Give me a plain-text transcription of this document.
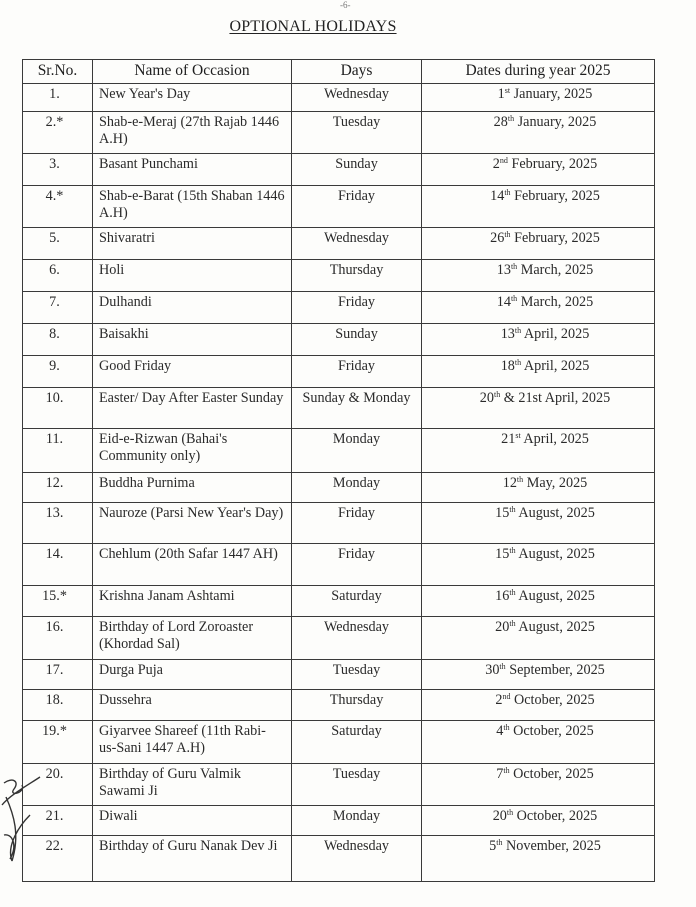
-6-
OPTIONAL HOLIDAYS
Sr.No.	Name of Occasion	Days	Dates during year 2025
1.	New Year's Day	Wednesday	1st January, 2025
2.*	Shab-e-Meraj (27th Rajab 1446 A.H)	Tuesday	28th January, 2025
3.	Basant Punchami	Sunday	2nd February, 2025
4.*	Shab-e-Barat (15th Shaban 1446 A.H)	Friday	14th February, 2025
5.	Shivaratri	Wednesday	26th February, 2025
6.	Holi	Thursday	13th March, 2025
7.	Dulhandi	Friday	14th March, 2025
8.	Baisakhi	Sunday	13th April, 2025
9.	Good Friday	Friday	18th April, 2025
10.	Easter/ Day After Easter Sunday	Sunday & Monday	20th & 21st April, 2025
11.	Eid-e-Rizwan (Bahai's Community only)	Monday	21st April, 2025
12.	Buddha Purnima	Monday	12th May, 2025
13.	Nauroze (Parsi New Year's Day)	Friday	15th August, 2025
14.	Chehlum (20th Safar 1447 AH)	Friday	15th August, 2025
15.*	Krishna Janam Ashtami	Saturday	16th August, 2025
16.	Birthday of Lord Zoroaster (Khordad Sal)	Wednesday	20th August, 2025
17.	Durga Puja	Tuesday	30th September, 2025
18.	Dussehra	Thursday	2nd October, 2025
19.*	Giyarvee Shareef (11th Rabi- us-Sani 1447 A.H)	Saturday	4th October, 2025
20.	Birthday of Guru Valmik Sawami Ji	Tuesday	7th October, 2025
21.	Diwali	Monday	20th October, 2025
22.	Birthday of Guru Nanak Dev Ji	Wednesday	5th November, 2025
